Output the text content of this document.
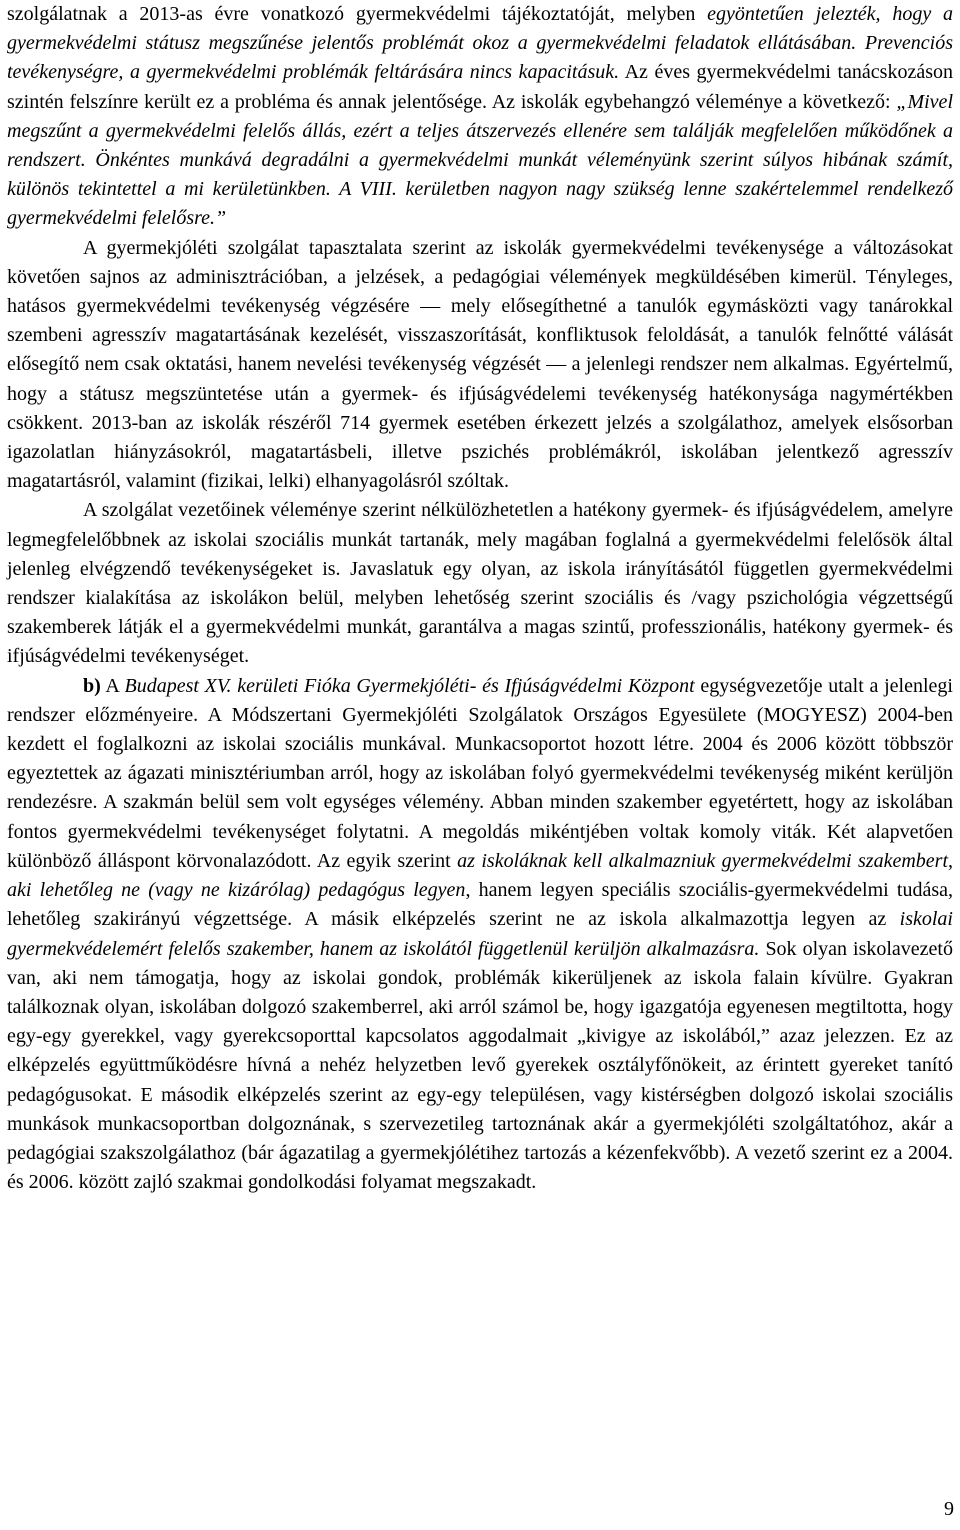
szolgálatnak a 2013-as évre vonatkozó gyermekvédelmi tájékoztatóját, melyben egyöntetűen jelezték, hogy a gyermekvédelmi státusz megszűnése jelentős problémát okoz a gyermekvédelmi feladatok ellátásában. Prevenciós tevékenységre, a gyermekvédelmi problémák feltárására nincs kapacitásuk. Az éves gyermekvédelmi tanácskozáson szintén felszínre került ez a probléma és annak jelentősége. Az iskolák egybehangzó véleménye a következő: „Mivel megszűnt a gyermekvédelmi felelős állás, ezért a teljes átszervezés ellenére sem találják megfelelően működőnek a rendszert. Önkéntes munkává degradálni a gyermekvédelmi munkát véleményünk szerint súlyos hibának számít, különös tekintettel a mi kerületünkben. A VIII. kerületben nagyon nagy szükség lenne szakértelemmel rendelkező gyermekvédelmi felelősre.”

A gyermekjóléti szolgálat tapasztalata szerint az iskolák gyermekvédelmi tevékenysége a változásokat követően sajnos az adminisztrációban, a jelzések, a pedagógiai vélemények megküldésében kimerül. Tényleges, hatásos gyermekvédelmi tevékenység végzésére ― mely elősegíthetné a tanulók egymásközti vagy tanárokkal szembeni agresszív magatartásának kezelését, visszaszorítását, konfliktusok feloldását, a tanulók felnőtté válását elősegítő nem csak oktatási, hanem nevelési tevékenység végzését ― a jelenlegi rendszer nem alkalmas. Egyértelmű, hogy a státusz megszüntetése után a gyermek- és ifjúságvédelemi tevékenység hatékonysága nagymértékben csökkent. 2013-ban az iskolák részéről 714 gyermek esetében érkezett jelzés a szolgálathoz, amelyek elsősorban igazolatlan hiányzásokról, magatartásbeli, illetve pszichés problémákról, iskolában jelentkező agresszív magatartásról, valamint (fizikai, lelki) elhanyagolásról szóltak.

A szolgálat vezetőinek véleménye szerint nélkülözhetetlen a hatékony gyermek- és ifjúságvédelem, amelyre legmegfelelőbbnek az iskolai szociális munkát tartanák, mely magában foglalná a gyermekvédelmi felelősök által jelenleg elvégzendő tevékenységeket is. Javaslatuk egy olyan, az iskola irányításától független gyermekvédelmi rendszer kialakítása az iskolákon belül, melyben lehetőség szerint szociális és /vagy pszichológia végzettségű szakemberek látják el a gyermekvédelmi munkát, garantálva a magas szintű, professzionális, hatékony gyermek- és ifjúságvédelmi tevékenységet.

b) A Budapest XV. kerületi Fióka Gyermekjóléti- és Ifjúságvédelmi Központ egységvezetője utalt a jelenlegi rendszer előzményeire. A Módszertani Gyermekjóléti Szolgálatok Országos Egyesülete (MOGYESZ) 2004-ben kezdett el foglalkozni az iskolai szociális munkával. Munkacsoportot hozott létre. 2004 és 2006 között többször egyeztettek az ágazati minisztériumban arról, hogy az iskolában folyó gyermekvédelmi tevékenység miként kerüljön rendezésre. A szakmán belül sem volt egységes vélemény. Abban minden szakember egyetértett, hogy az iskolában fontos gyermekvédelmi tevékenységet folytatni. A megoldás mikéntjében voltak komoly viták. Két alapvetően különböző álláspont körvonalazódott. Az egyik szerint az iskoláknak kell alkalmazniuk gyermekvédelmi szakembert, aki lehetőleg ne (vagy ne kizárólag) pedagógus legyen, hanem legyen speciális szociális-gyermekvédelmi tudása, lehetőleg szakirányú végzettsége. A másik elképzelés szerint ne az iskola alkalmazottja legyen az iskolai gyermekvédelemért felelős szakember, hanem az iskolától függetlenül kerüljön alkalmazásra. Sok olyan iskolavezető van, aki nem támogatja, hogy az iskolai gondok, problémák kikerüljenek az iskola falain kívülre. Gyakran találkoznak olyan, iskolában dolgozó szakemberrel, aki arról számol be, hogy igazgatója egyenesen megtiltotta, hogy egy-egy gyerekkel, vagy gyerekcsoporttal kapcsolatos aggodalmait „kivigye az iskolából,” azaz jelezzen. Ez az elképzelés együttműködésre hívná a nehéz helyzetben levő gyerekek osztályfőnökeit, az érintett gyereket tanító pedagógusokat. E második elképzelés szerint az egy-egy településen, vagy kistérségben dolgozó iskolai szociális munkások munkacsoportban dolgoznának, s szervezetileg tartoznának akár a gyermekjóléti szolgáltatóhoz, akár a pedagógiai szakszolgálathoz (bár ágazatilag a gyermekjólétihez tartozás a kézenfekvőbb). A vezető szerint ez a 2004. és 2006. között zajló szakmai gondolkodási folyamat megszakadt.

9
